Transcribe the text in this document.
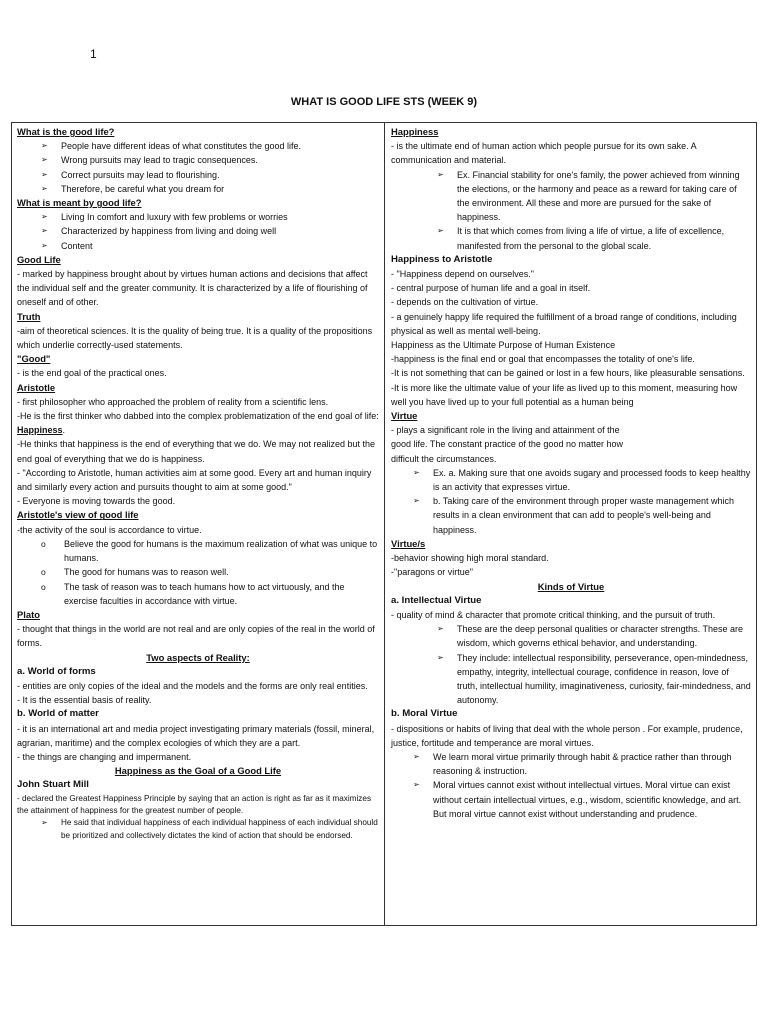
1
WHAT IS GOOD LIFE STS (WEEK 9)
What is the good life?
➢	People have different ideas of what constitutes the good life.
➢	Wrong pursuits may lead to tragic consequences.
➢	Correct pursuits may lead to flourishing.
➢	Therefore, be careful what you dream for
What is meant by good life?
➢	Living In comfort and luxury with few problems or worries
➢	Characterized by happiness from living and doing well
➢	Content
Good Life

- marked by happiness brought about by virtues human actions and decisions that affect the individual self and the greater community. It is characterized by a life of flourishing of oneself and of other.

Truth

-aim of theoretical sciences. It is the quality of being true. It is a quality of the propositions which underlie correctly-used statements.

"Good"

- is the end goal of the practical ones.

Aristotle

- first philosopher who approached the problem of reality from a scientific lens.

-He is the first thinker who dabbed into the complex problematization of the end goal of life: Happiness.

-He thinks that happiness is the end of everything that we do. We may not realized but the end goal of everything that we do is happiness.

- "According to Aristotle, human activities aim at some good. Every art and human inquiry and similarly every action and pursuits thought to aim at some good."

- Everyone is moving towards the good.

Aristotle's view of good life

-the activity of the soul is accordance to virtue.

o	Believe the good for humans is the maximum realization of what was unique to humans.
o	The good for humans was to reason well.
o	The task of reason was to teach humans how to act virtuously, and the exercise faculties in accordance with virtue.
Plato

- thought that things in the world are not real and are only copies of the real in the world of forms.

Two aspects of Reality:
a. World of forms

- entities are only copies of the ideal and the models and the forms are only real entities.

- It is the essential basis of reality.

b. World of matter

- it is an international art and media project investigating primary materials (fossil, mineral, agrarian, maritime) and the complex ecologies of which they are a part.

- the things are changing and impermanent.

Happiness as the Goal of a Good Life
John Stuart Mill

- declared the Greatest Happiness Principle by saying that an action is right as far as it maximizes the attainment of happiness for the greatest number of people.

➢	He said that individual happiness of each individual happiness of each individual should be prioritized and collectively dictates the kind of action that should be endorsed.
Happiness

- is the ultimate end of human action which people pursue for its own sake. A communication and material.

➢	Ex. Financial stability for one's family, the power achieved from winning the elections, or the harmony and peace as a reward for taking care of the environment. All these and more are pursued for the sake of happiness.
➢	It is that which comes from living a life of virtue, a life of excellence, manifested from the personal to the global scale.
Happiness to Aristotle

- "Happiness depend on ourselves."

- central purpose of human life and a goal in itself.

- depends on the cultivation of virtue.

- a genuinely happy life required the fulfillment of a broad range of conditions, including physical as well as mental well-being.

Happiness as the Ultimate Purpose of Human Existence

-happiness is the final end or goal that encompasses the totality of one's life.

-It is not something that can be gained or lost in a few hours, like pleasurable sensations.

-It is more like the ultimate value of your life as lived up to this moment, measuring how well you have lived up to your full potential as a human being

Virtue

- plays a significant role in the living and attainment of the

good life. The constant practice of the good no matter how

difficult the circumstances.

➢	Ex. a. Making sure that one avoids sugary and processed foods to keep healthy is an activity that expresses virtue.
➢	b. Taking care of the environment through proper waste management which results in a clean environment that can add to people's well-being and happiness.
Virtue/s

-behavior showing high moral standard.

-"paragons or virtue"

Kinds of Virtue
a. Intellectual Virtue

- quality of mind & character that promote critical thinking, and the pursuit of truth.

➢	These are the deep personal qualities or character strengths. These are wisdom, which governs ethical behavior, and understanding.
➢	They include: intellectual responsibility, perseverance, open-mindedness, empathy, integrity, intellectual courage, confidence in reason, love of truth, intellectual humility, imaginativeness, curiosity, fair-mindedness, and autonomy.
b. Moral Virtue

- dispositions or habits of living that deal with the whole person . For example, prudence, justice, fortitude and temperance are moral virtues.

➢	We learn moral virtue primarily through habit & practice rather than through reasoning & instruction.
➢	Moral virtues cannot exist without intellectual virtues. Moral virtue can exist without certain intellectual virtues, e.g., wisdom, scientific knowledge, and art. But moral virtue cannot exist without understanding and prudence.
